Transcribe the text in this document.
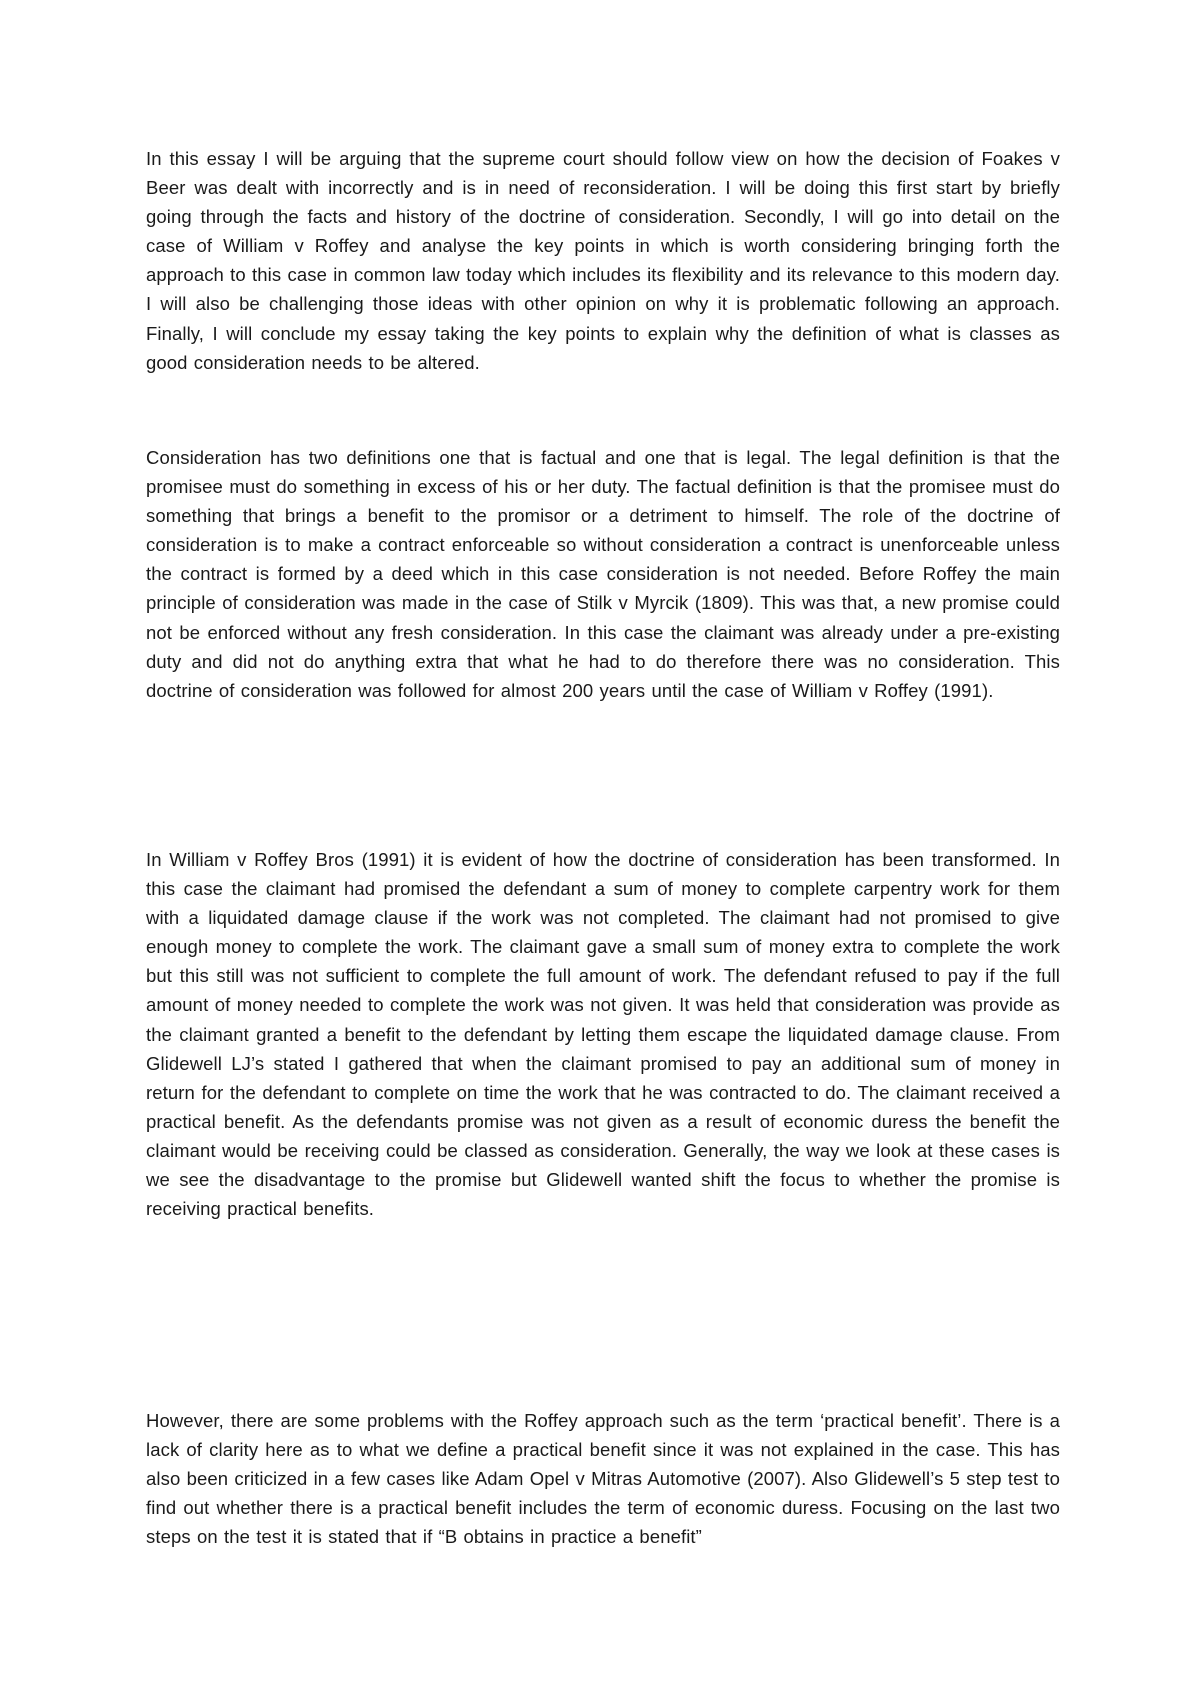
In this essay I will be arguing that the supreme court should follow view on how the decision of Foakes v Beer was dealt with incorrectly and is in need of reconsideration. I will be doing this first start by briefly going through the facts and history of the doctrine of consideration. Secondly, I will go into detail on the case of William v Roffey and analyse the key points in which is worth considering bringing forth the approach to this case in common law today which includes its flexibility and its relevance to this modern day. I will also be challenging those ideas with other opinion on why it is problematic following an approach. Finally, I will conclude my essay taking the key points to explain why the definition of what is classes as good consideration needs to be altered.

Consideration has two definitions one that is factual and one that is legal. The legal definition is that the promisee must do something in excess of his or her duty. The factual definition is that the promisee must do something that brings a benefit to the promisor or a detriment to himself. The role of the doctrine of consideration is to make a contract enforceable so without consideration a contract is unenforceable unless the contract is formed by a deed which in this case consideration is not needed. Before Roffey the main principle of consideration was made in the case of Stilk v Myrcik (1809). This was that, a new promise could not be enforced without any fresh consideration. In this case the claimant was already under a pre-existing duty and did not do anything extra that what he had to do therefore there was no consideration. This doctrine of consideration was followed for almost 200 years until the case of William v Roffey (1991).

In William v Roffey Bros (1991) it is evident of how the doctrine of consideration has been transformed. In this case the claimant had promised the defendant a sum of money to complete carpentry work for them with a liquidated damage clause if the work was not completed. The claimant had not promised to give enough money to complete the work. The claimant gave a small sum of money extra to complete the work but this still was not sufficient to complete the full amount of work. The defendant refused to pay if the full amount of money needed to complete the work was not given. It was held that consideration was provide as the claimant granted a benefit to the defendant by letting them escape the liquidated damage clause. From Glidewell LJ’s stated I gathered that when the claimant promised to pay an additional sum of money in return for the defendant to complete on time the work that he was contracted to do. The claimant received a practical benefit. As the defendants promise was not given as a result of economic duress the benefit the claimant would be receiving could be classed as consideration. Generally, the way we look at these cases is we see the disadvantage to the promise but Glidewell wanted shift the focus to whether the promise is receiving practical benefits.

However, there are some problems with the Roffey approach such as the term ‘practical benefit’. There is a lack of clarity here as to what we define a practical benefit since it was not explained in the case. This has also been criticized in a few cases like Adam Opel v Mitras Automotive (2007). Also Glidewell’s 5 step test to find out whether there is a practical benefit includes the term of economic duress. Focusing on the last two steps on the test it is stated that if “B obtains in practice a benefit”
